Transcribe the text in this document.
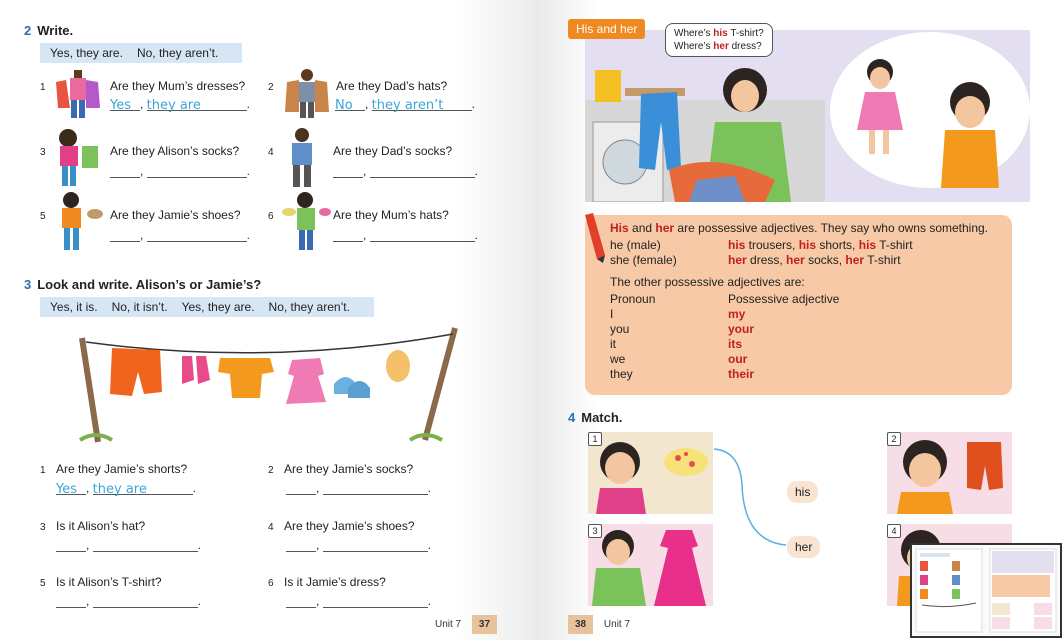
2 Write.
Yes, they are. No, they aren’t.
1	Are they Mum’s dresses?
Yes , they are	.
2	Are they Dad’s hats?
No , they aren’t .
3	Are they Alison’s socks?
,	.
4	Are they Dad’s socks?
,	.
5	Are they Jamie’s shoes?
,	.
6	Are they Mum’s hats?
,	.
3 Look and write. Alison’s or Jamie’s?
Yes, it is. No, it isn’t. Yes, they are. No, they aren’t.
1 Are they Jamie’s shorts?
Yes , they are	.
2 Are they Jamie’s socks?
,	.
3 Is it Alison’s hat?
,	.
4 Are they Jamie’s shoes?
,	.
5 Is it Alison’s T-shirt?
,	.
6 Is it Jamie’s dress?
,	.
Unit 7 37
His and her	Where’s his T-shirt?
Where’s her dress?
His and her are possessive adjectives. They say who owns something.
he (male)	his trousers, his shorts, his T-shirt
she (female)	her dress, her socks, her T-shirt
The other possessive adjectives are:
Pronoun	Possessive adjective
I	my
you	your
it	its
we	our
they	their
4 Match.
1
3
2
4
his
her
38 Unit 7
